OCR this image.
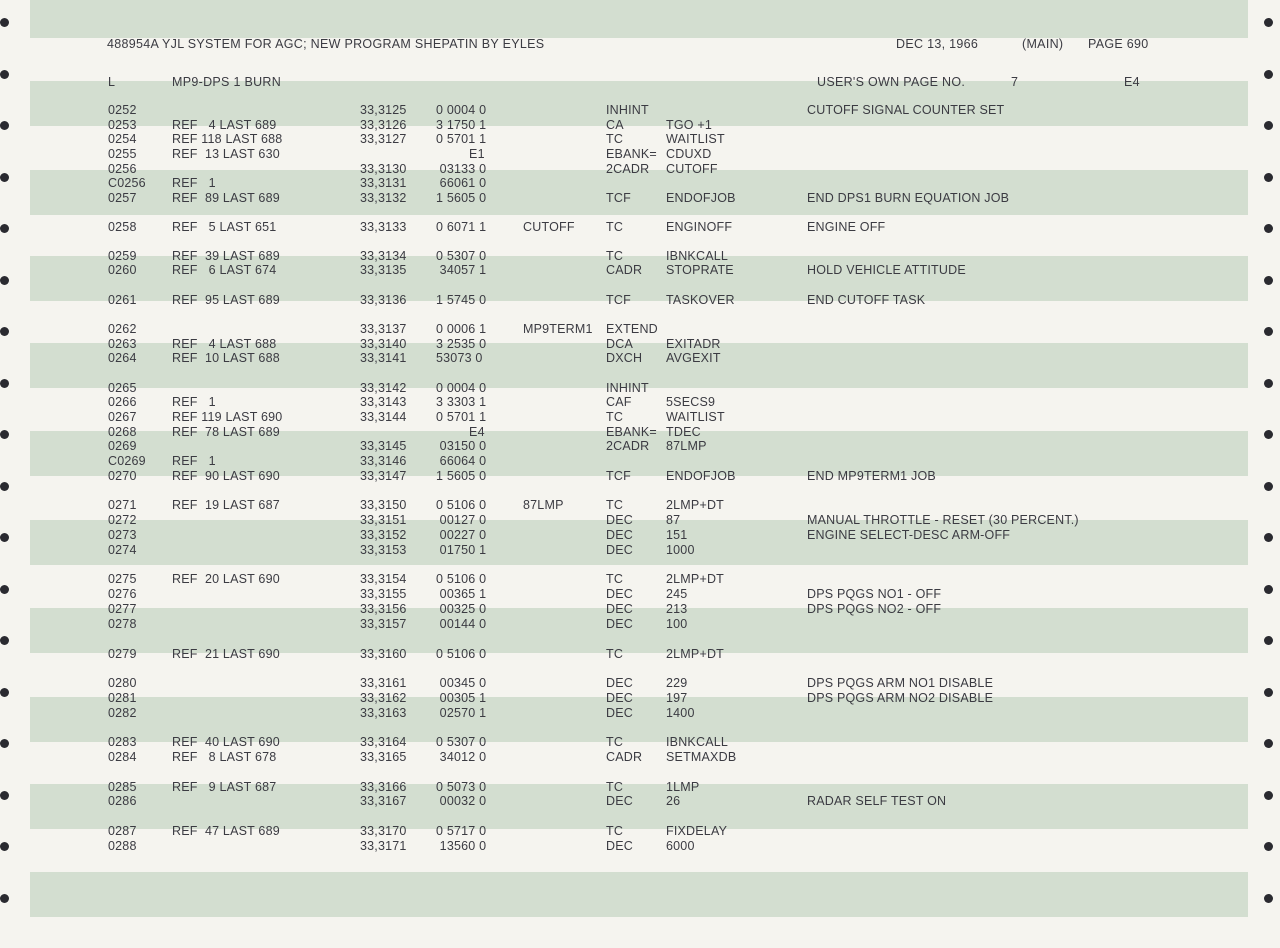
488954A YJL SYSTEM FOR AGC; NEW PROGRAM SHEPATIN BY EYLES	DEC 13, 1966	(MAIN) PAGE 690
L	MP9-DPS 1 BURN	USER'S OWN PAGE NO.	7	E4
0252	33,3125 0 0004 0	INHINT	CUTOFF SIGNAL COUNTER SET
0253	REF   4 LAST 689	33,3126 3 1750 1	CA	TGO +1
0254	REF 118 LAST 688	33,3127 0 5701 1	TC	WAITLIST
0255	REF  13 LAST 630	E1	EBANK= CDUXD
0256	33,3130 03133 0	2CADR CUTOFF
C0256 REF   1	33,3131 66061 0
0257	REF  89 LAST 689	33,3132 1 5605 0	TCF	ENDOFJOB	END DPS1 BURN EQUATION JOB
0258	REF   5 LAST 651	33,3133 0 6071 1	CUTOFF	TC	ENGINOFF	ENGINE OFF
0259	REF  39 LAST 689	33,3134 0 5307 0	TC	IBNKCALL
0260	REF   6 LAST 674	33,3135 34057 1	CADR STOPRATE	HOLD VEHICLE ATTITUDE
0261	REF  95 LAST 689	33,3136 1 5745 0	TCF	TASKOVER	END CUTOFF TASK
0262	33,3137 0 0006 1	MP9TERM1 EXTEND
0263	REF   4 LAST 688	33,3140 3 2535 0	DCA	EXITADR
0264	REF  10 LAST 688	33,3141 53073 0	DXCH AVGEXIT
0265	33,3142 0 0004 0	INHINT
0266	REF   1	33,3143 3 3303 1	CAF	5SECS9
0267	REF 119 LAST 690	33,3144 0 5701 1	TC	WAITLIST
0268	REF  78 LAST 689	E4	EBANK= TDEC
0269	33,3145 03150 0	2CADR 87LMP
C0269 REF   1	33,3146 66064 0
0270	REF  90 LAST 690	33,3147 1 5605 0	TCF	ENDOFJOB	END MP9TERM1 JOB
0271	REF  19 LAST 687	33,3150 0 5106 0	87LMP	TC	2LMP+DT
0272	33,3151 00127 0	DEC	87	MANUAL THROTTLE - RESET (30 PERCENT.)
0273	33,3152 00227 0	DEC	151	ENGINE SELECT-DESC ARM-OFF
0274	33,3153 01750 1	DEC	1000
0275	REF  20 LAST 690	33,3154 0 5106 0	TC	2LMP+DT
0276	33,3155 00365 1	DEC	245	DPS PQGS NO1 - OFF
0277	33,3156 00325 0	DEC	213	DPS PQGS NO2 - OFF
0278	33,3157 00144 0	DEC	100
0279	REF  21 LAST 690	33,3160 0 5106 0	TC	2LMP+DT
0280	33,3161 00345 0	DEC	229	DPS PQGS ARM NO1 DISABLE
0281	33,3162 00305 1	DEC	197	DPS PQGS ARM NO2 DISABLE
0282	33,3163 02570 1	DEC	1400
0283	REF  40 LAST 690	33,3164 0 5307 0	TC	IBNKCALL
0284	REF   8 LAST 678	33,3165 34012 0	CADR SETMAXDB
0285	REF   9 LAST 687	33,3166 0 5073 0	TC	1LMP
0286	33,3167 00032 0	DEC	26	RADAR SELF TEST ON
0287	REF  47 LAST 689	33,3170 0 5717 0	TC	FIXDELAY
0288	33,3171 13560 0	DEC	6000
